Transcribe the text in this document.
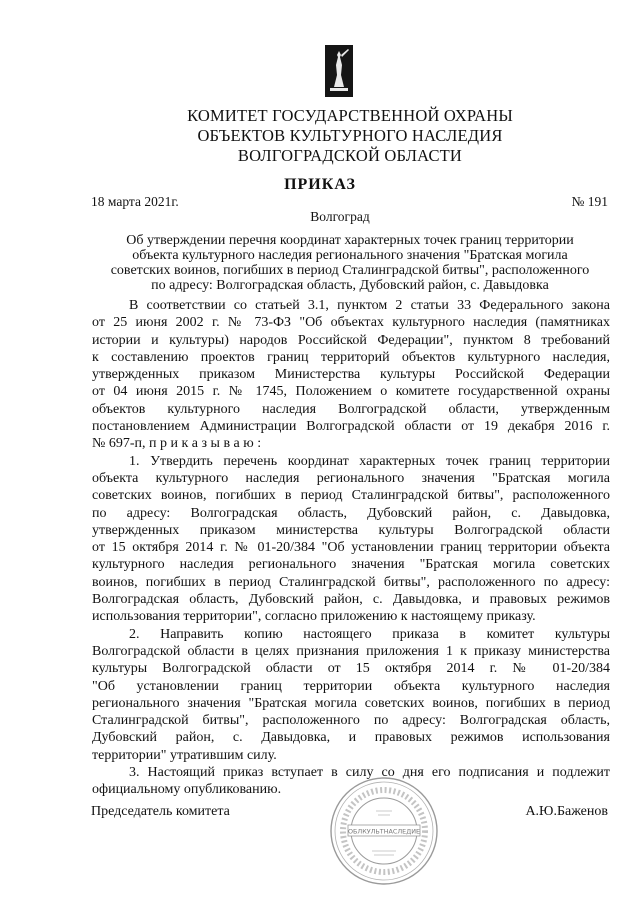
КОМИТЕТ ГОСУДАРСТВЕННОЙ ОХРАНЫ
ОБЪЕКТОВ КУЛЬТУРНОГО НАСЛЕДИЯ
ВОЛГОГРАДСКОЙ ОБЛАСТИ
ПРИКАЗ
18 марта 2021г.	№ 191
Волгоград
Об утверждении перечня координат характерных точек границ территории
объекта культурного наследия регионального значения "Братская могила
советских воинов, погибших в период Сталинградской битвы", расположенного
по адресу: Волгоградская область, Дубовский район, с. Давыдовка
В соответствии со статьей 3.1, пунктом 2 статьи 33 Федерального закона
от 25 июня 2002 г. № 73-ФЗ "Об объектах культурного наследия (памятниках
истории и культуры) народов Российской Федерации", пунктом 8 требований
к составлению проектов границ территорий объектов культурного наследия,
утвержденных приказом Министерства культуры Российской Федерации
от 04 июня 2015 г. № 1745, Положением о комитете государственной охраны
объектов культурного наследия Волгоградской области, утвержденным
постановлением Администрации Волгоградской области от 19 декабря 2016 г.
№ 697-п, п р и к а з ы в а ю :
1. Утвердить перечень координат характерных точек границ территории
объекта культурного наследия регионального значения "Братская могила
советских воинов, погибших в период Сталинградской битвы", расположенного
по адресу: Волгоградская область, Дубовский район, с. Давыдовка,
утвержденных приказом министерства культуры Волгоградской области
от 15 октября 2014 г. № 01-20/384 "Об установлении границ территории объекта
культурного наследия регионального значения "Братская могила советских
воинов, погибших в период Сталинградской битвы", расположенного по адресу:
Волгоградская область, Дубовский район, с. Давыдовка, и правовых режимов
использования территории", согласно приложению к настоящему приказу.
2. Направить копию настоящего приказа в комитет культуры
Волгоградской области в целях признания приложения 1 к приказу министерства
культуры Волгоградской области от 15 октября 2014 г. № 01-20/384
"Об установлении границ территории объекта культурного наследия
регионального значения "Братская могила советских воинов, погибших в период
Сталинградской битвы", расположенного по адресу: Волгоградская область,
Дубовский район, с. Давыдовка, и правовых режимов использования
территории" утратившим силу.
3. Настоящий приказ вступает в силу со дня его подписания и подлежит
официальному опубликованию.
Председатель комитета	А.Ю.Баженов
ОБЛКУЛЬТНАСЛЕДИЕ
